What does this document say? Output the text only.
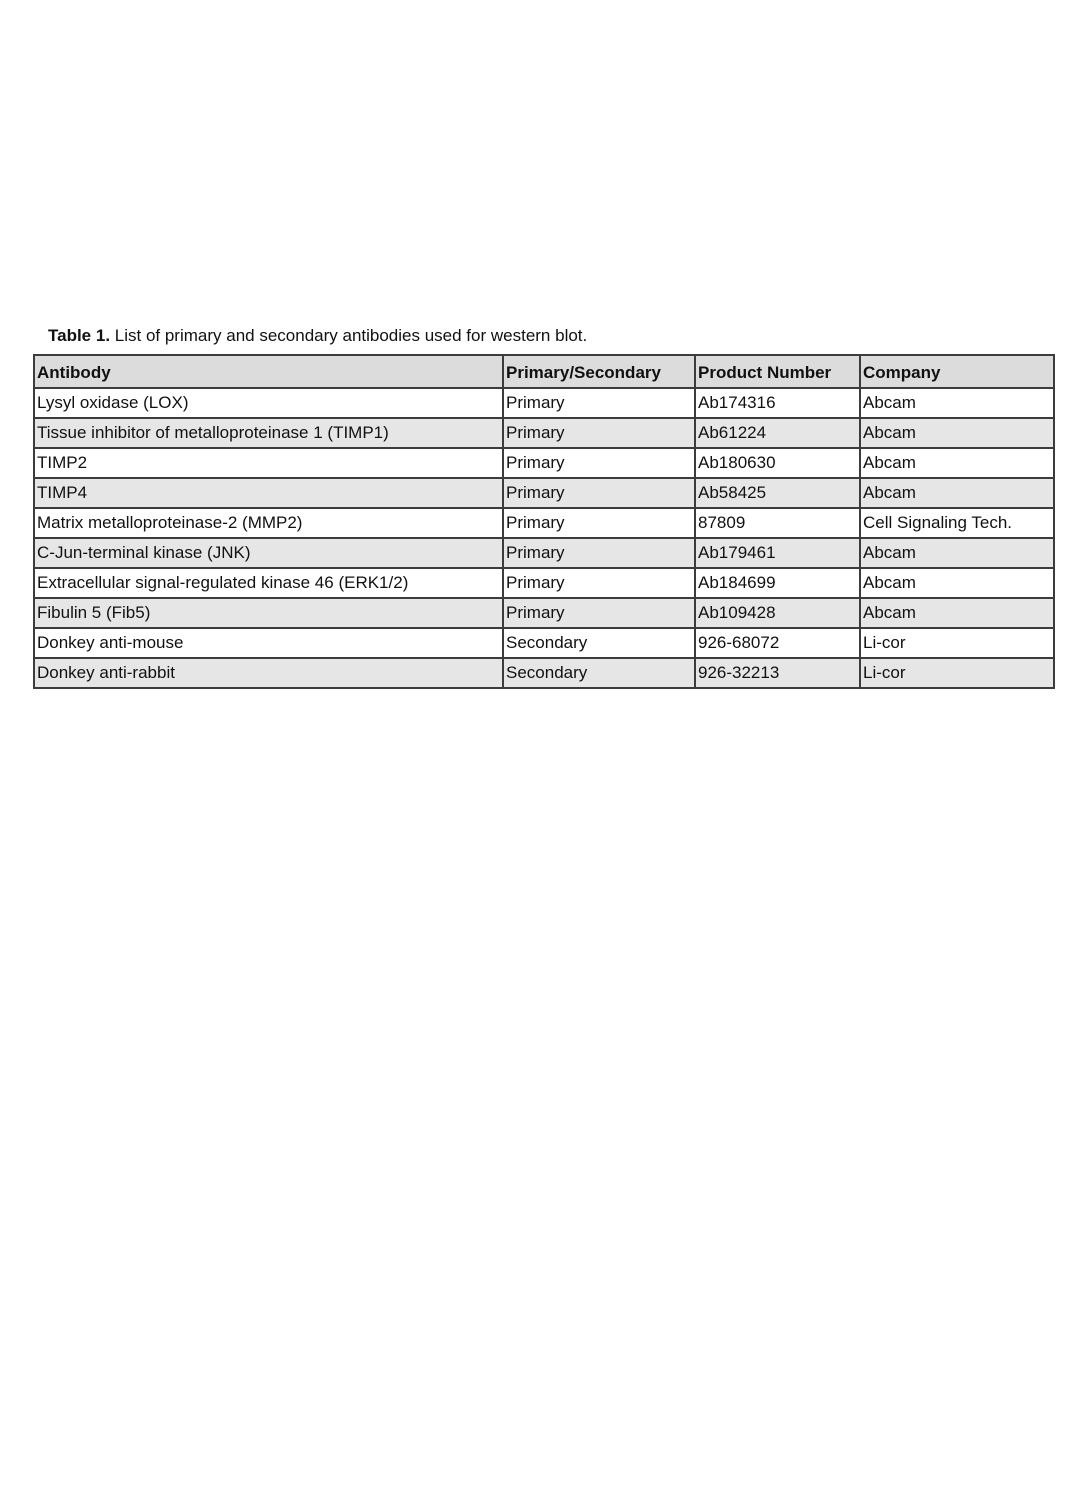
Table 1. List of primary and secondary antibodies used for western blot.
Antibody	Primary/Secondary	Product Number	Company
Lysyl oxidase (LOX)	Primary	Ab174316	Abcam
Tissue inhibitor of metalloproteinase 1 (TIMP1)	Primary	Ab61224	Abcam
TIMP2	Primary	Ab180630	Abcam
TIMP4	Primary	Ab58425	Abcam
Matrix metalloproteinase-2 (MMP2)	Primary	87809	Cell Signaling Tech.
C-Jun-terminal kinase (JNK)	Primary	Ab179461	Abcam
Extracellular signal-regulated kinase 46 (ERK1/2)	Primary	Ab184699	Abcam
Fibulin 5 (Fib5)	Primary	Ab109428	Abcam
Donkey anti-mouse	Secondary	926-68072	Li-cor
Donkey anti-rabbit	Secondary	926-32213	Li-cor
